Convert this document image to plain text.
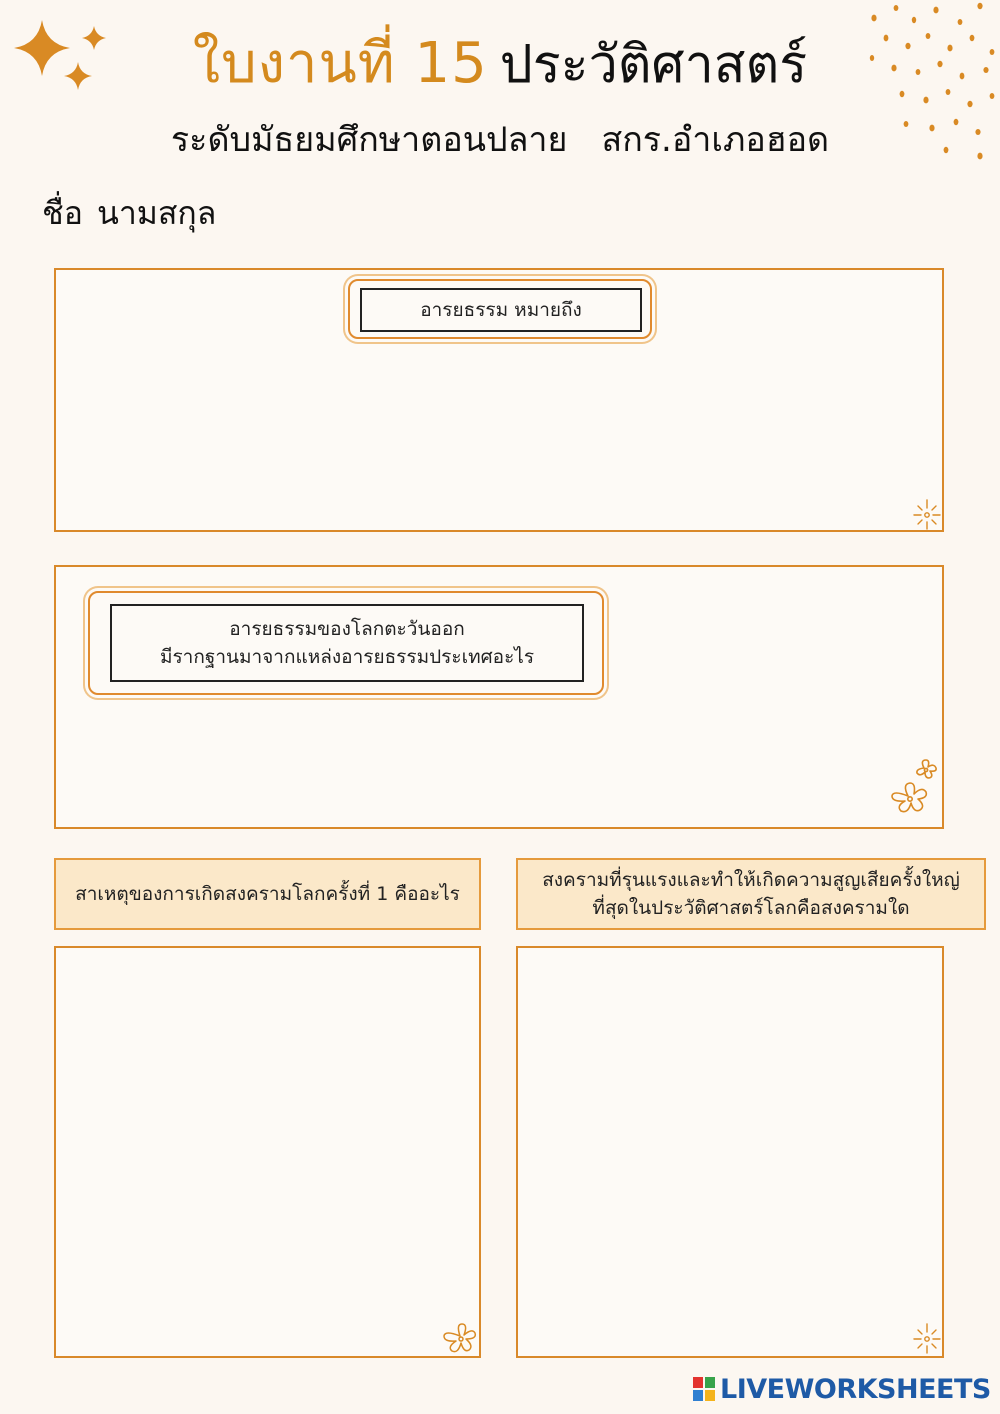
ใบงานที่ 15 ประวัติศาสตร์
ระดับมัธยมศึกษาตอนปลาย สกร.อำเภอฮอด
ชื่อ นามสกุล
อารยธรรม หมายถึง
อารยธรรมของโลกตะวันออก
มีรากฐานมาจากแหล่งอารยธรรมประเทศอะไร
สาเหตุของการเกิดสงครามโลกครั้งที่ 1 คืออะไร
สงครามที่รุนแรงและทำให้เกิดความสูญเสียครั้งใหญ่
ที่สุดในประวัติศาสตร์โลกคือสงครามใด
LIVEWORKSHEETS
